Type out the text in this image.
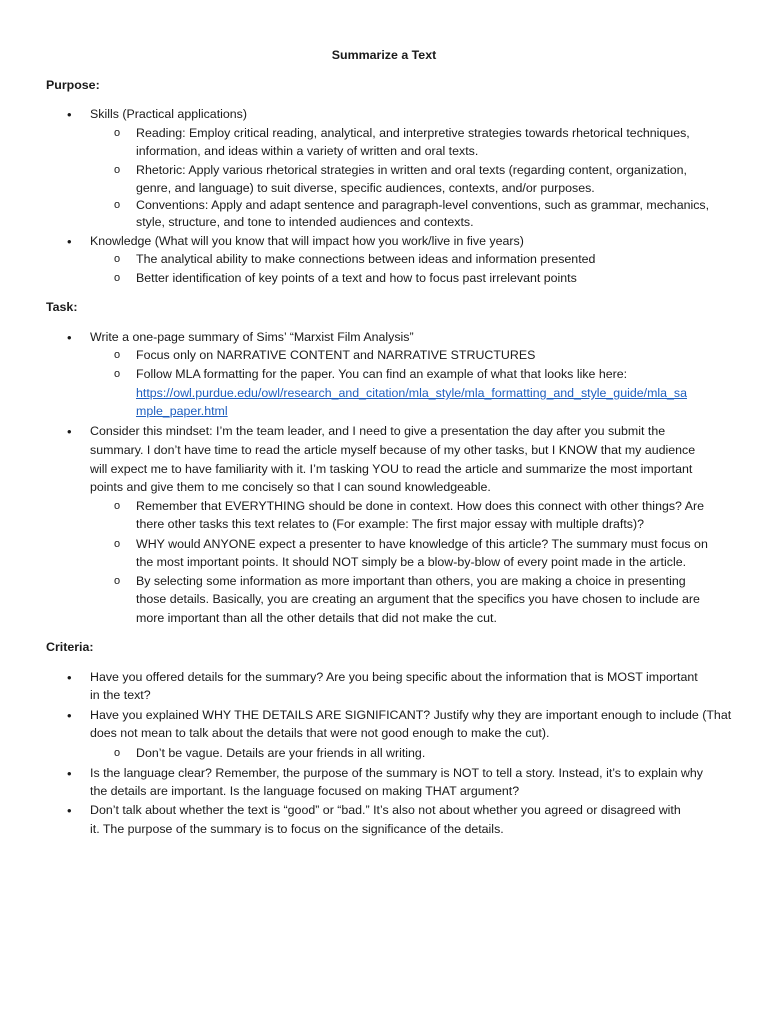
Summarize a Text
Purpose:
• Skills (Practical applications)
o Reading: Employ critical reading, analytical, and interpretive strategies towards rhetorical techniques,
information, and ideas within a variety of written and oral texts.
o Rhetoric: Apply various rhetorical strategies in written and oral texts (regarding content, organization,
genre, and language) to suit diverse, specific audiences, contexts, and/or purposes.
o Conventions: Apply and adapt sentence and paragraph-level conventions, such as grammar, mechanics,
style, structure, and tone to intended audiences and contexts.
• Knowledge (What will you know that will impact how you work/live in five years)
o The analytical ability to make connections between ideas and information presented
o Better identification of key points of a text and how to focus past irrelevant points
Task:
• Write a one-page summary of Sims’ “Marxist Film Analysis”
o Focus only on NARRATIVE CONTENT and NARRATIVE STRUCTURES
o Follow MLA formatting for the paper. You can find an example of what that looks like here:
https://owl.purdue.edu/owl/research_and_citation/mla_style/mla_formatting_and_style_guide/mla_sa
mple_paper.html
• Consider this mindset: I’m the team leader, and I need to give a presentation the day after you submit the
summary. I don’t have time to read the article myself because of my other tasks, but I KNOW that my audience
will expect me to have familiarity with it. I’m tasking YOU to read the article and summarize the most important
points and give them to me concisely so that I can sound knowledgeable.
o Remember that EVERYTHING should be done in context. How does this connect with other things? Are
there other tasks this text relates to (For example: The first major essay with multiple drafts)?
o WHY would ANYONE expect a presenter to have knowledge of this article? The summary must focus on
the most important points. It should NOT simply be a blow-by-blow of every point made in the article.
o By selecting some information as more important than others, you are making a choice in presenting
those details. Basically, you are creating an argument that the specifics you have chosen to include are
more important than all the other details that did not make the cut.
Criteria:
• Have you offered details for the summary? Are you being specific about the information that is MOST important
in the text?
• Have you explained WHY THE DETAILS ARE SIGNIFICANT? Justify why they are important enough to include (That
does not mean to talk about the details that were not good enough to make the cut).
o Don’t be vague. Details are your friends in all writing.
• Is the language clear? Remember, the purpose of the summary is NOT to tell a story. Instead, it’s to explain why
the details are important. Is the language focused on making THAT argument?
• Don’t talk about whether the text is “good” or “bad.” It’s also not about whether you agreed or disagreed with
it. The purpose of the summary is to focus on the significance of the details.
